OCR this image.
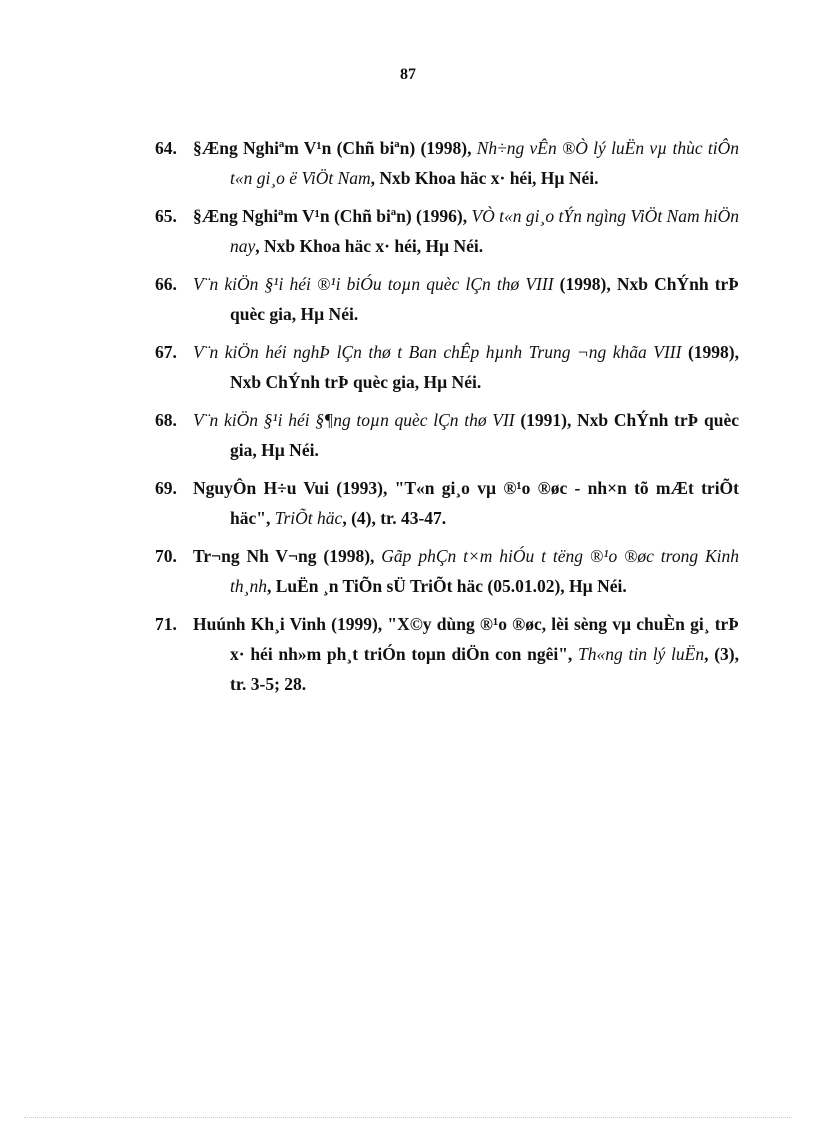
87
64. §Æng Nghiªm V¹n (Chñ biªn) (1998), Nh÷ng vÊn ®Ò lý luËn vµ thùc tiÔn t«n gi¸o ë ViÖt Nam, Nxb Khoa häc x· héi, Hµ Néi.
65. §Æng Nghiªm V¹n (Chñ biªn) (1996), VÒ t«n gi¸o tÝn ngìng ViÖt Nam hiÖn nay, Nxb Khoa häc x· héi, Hµ Néi.
66. V¨n kiÖn §¹i héi ®¹i biÓu toµn quèc lÇn thø VIII (1998), Nxb ChÝnh trÞ quèc gia, Hµ Néi.
67. V¨n kiÖn héi nghÞ lÇn thø t Ban chÊp hµnh Trung ¬ng khãa VIII (1998), Nxb ChÝnh trÞ quèc gia, Hµ Néi.
68. V¨n kiÖn §¹i héi §¶ng toµn quèc lÇn thø VII (1991), Nxb ChÝnh trÞ quèc gia, Hµ Néi.
69. NguyÔn H÷u Vui (1993), "T«n gi¸o vµ ®¹o ®øc - nh×n tõ mÆt triÕt häc", TriÕt häc, (4), tr. 43-47.
70. Tr¬ng Nh V¬ng (1998), Gãp phÇn t×m hiÓu t tëng ®¹o ®øc trong Kinh th¸nh, LuËn ¸n TiÕn sÜ TriÕt häc (05.01.02), Hµ Néi.
71. Huúnh Kh¸i Vinh (1999), "X©y dùng ®¹o ®øc, lèi sèng vµ chuÈn gi¸ trÞ x· héi nh»m ph¸t triÓn toµn diÖn con ngêi", Th«ng tin lý luËn, (3), tr. 3-5; 28.
